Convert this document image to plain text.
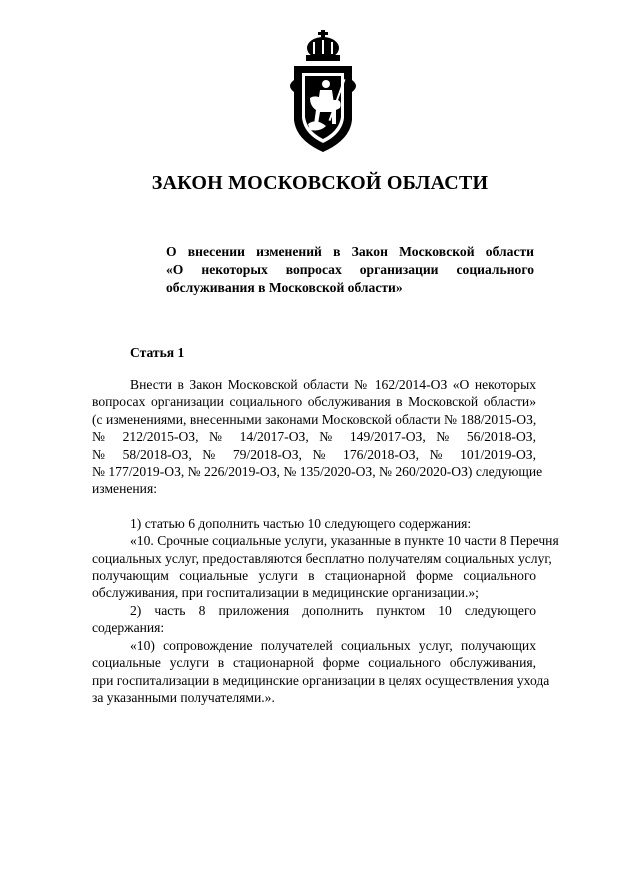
ЗАКОН МОСКОВСКОЙ ОБЛАСТИ
О внесении изменений в Закон Московской области
«О некоторых вопросах организации социального
обслуживания в Московской области»
Статья 1
Внести в Закон Московской области № 162/2014-ОЗ «О некоторых
вопросах организации социального обслуживания в Московской области»
(с изменениями, внесенными законами Московской области № 188/2015-ОЗ,
№ 212/2015-ОЗ, № 14/2017-ОЗ, № 149/2017-ОЗ, № 56/2018-ОЗ,
№ 58/2018-ОЗ, № 79/2018-ОЗ, № 176/2018-ОЗ, № 101/2019-ОЗ,
№ 177/2019-ОЗ, № 226/2019-ОЗ, № 135/2020-ОЗ, № 260/2020-ОЗ) следующие
изменения:

1) статью 6 дополнить частью 10 следующего содержания:

«10. Срочные социальные услуги, указанные в пункте 10 части 8 Перечня
социальных услуг, предоставляются бесплатно получателям социальных услуг,
получающим социальные услуги в стационарной форме социального
обслуживания, при госпитализации в медицинские организации.»;

2) часть 8 приложения дополнить пунктом 10 следующего содержания:

«10) сопровождение получателей социальных услуг, получающих
социальные услуги в стационарной форме социального обслуживания,
при госпитализации в медицинские организации в целях осуществления ухода
за указанными получателями.».
